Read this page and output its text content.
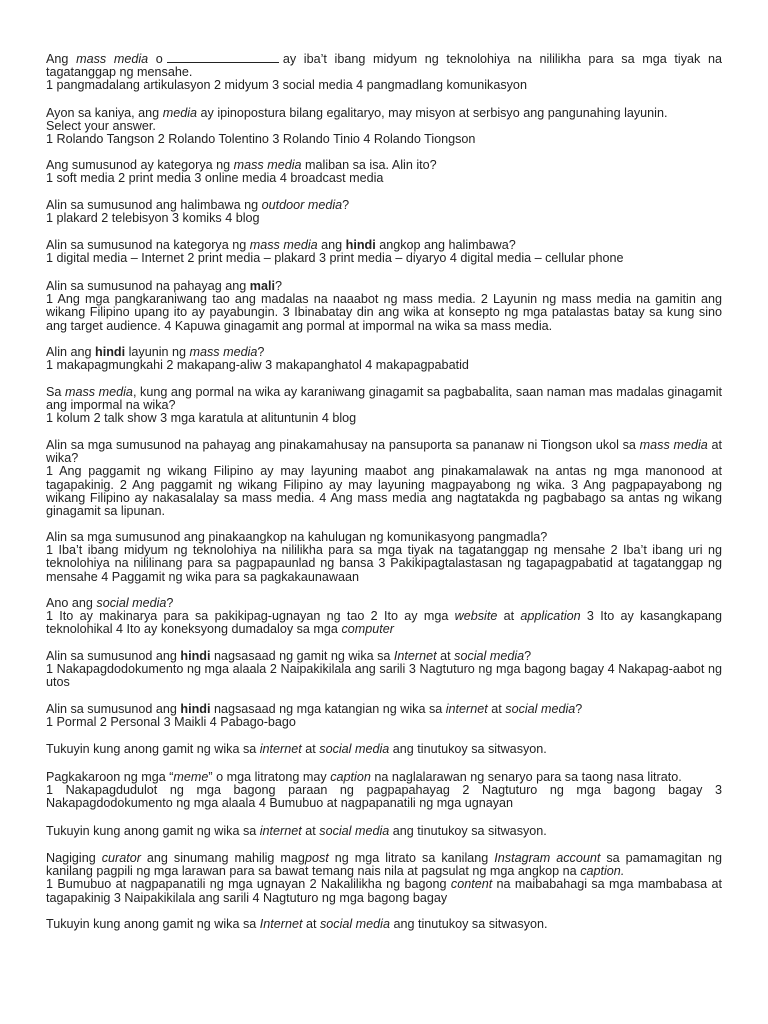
Ang mass media o	ay iba’t ibang midyum ng teknolohiya na nililikha para sa mga tiyak na tagatanggap ng mensahe.
1 pangmadalang artikulasyon 2 midyum 3 social media 4 pangmadlang komunikasyon
Ayon sa kaniya, ang media ay ipinopostura bilang egalitaryo, may misyon at serbisyo ang pangunahing layunin.
Select your answer.
1 Rolando Tangson 2 Rolando Tolentino 3 Rolando Tinio 4 Rolando Tiongson
Ang sumusunod ay kategorya ng mass media maliban sa isa. Alin ito?
1 soft media 2 print media 3 online media 4 broadcast media
Alin sa sumusunod ang halimbawa ng outdoor media?
1 plakard 2 telebisyon 3 komiks 4 blog
Alin sa sumusunod na kategorya ng mass media ang hindi angkop ang halimbawa?
1 digital media – Internet 2 print media – plakard 3 print media – diyaryo 4 digital media – cellular phone
Alin sa sumusunod na pahayag ang mali?
1 Ang mga pangkaraniwang tao ang madalas na naaabot ng mass media. 2 Layunin ng mass media na gamitin ang wikang Filipino upang ito ay payabungin. 3 Ibinabatay din ang wika at konsepto ng mga patalastas batay sa kung sino ang target audience. 4 Kapuwa ginagamit ang pormal at impormal na wika sa mass media.
Alin ang hindi layunin ng mass media?
1 makapagmungkahi 2 makapang-aliw 3 makapanghatol 4 makapagpabatid
Sa mass media, kung ang pormal na wika ay karaniwang ginagamit sa pagbabalita, saan naman mas madalas ginagamit ang impormal na wika?
1 kolum 2 talk show 3 mga karatula at alituntunin 4 blog
Alin sa mga sumusunod na pahayag ang pinakamahusay na pansuporta sa pananaw ni Tiongson ukol sa mass media at wika?
1 Ang paggamit ng wikang Filipino ay may layuning maabot ang pinakamalawak na antas ng mga manonood at tagapakinig. 2 Ang paggamit ng wikang Filipino ay may layuning magpayabong ng wika. 3 Ang pagpapayabong ng wikang Filipino ay nakasalalay sa mass media. 4 Ang mass media ang nagtatakda ng pagbabago sa antas ng wikang ginagamit sa lipunan.
Alin sa mga sumusunod ang pinakaangkop na kahulugan ng komunikasyong pangmadla?
1 Iba’t ibang midyum ng teknolohiya na nililikha para sa mga tiyak na tagatanggap ng mensahe 2 Iba’t ibang uri ng teknolohiya na nililinang para sa pagpapaunlad ng bansa 3 Pakikipagtalastasan ng tagapagpabatid at tagatanggap ng mensahe 4 Paggamit ng wika para sa pagkakaunawaan
Ano ang social media?
1 Ito ay makinarya para sa pakikipag-ugnayan ng tao 2 Ito ay mga website at application 3 Ito ay kasangkapang teknolohikal 4 Ito ay koneksyong dumadaloy sa mga computer
Alin sa sumusunod ang hindi nagsasaad ng gamit ng wika sa Internet at social media?
1 Nakapagdodokumento ng mga alaala 2 Naipakikilala ang sarili 3 Nagtuturo ng mga bagong bagay 4 Nakapag-aabot ng utos
Alin sa sumusunod ang hindi nagsasaad ng mga katangian ng wika sa internet at social media?
1 Pormal 2 Personal 3 Maikli 4 Pabago-bago
Tukuyin kung anong gamit ng wika sa internet at social media ang tinutukoy sa sitwasyon.
Pagkakaroon ng mga “meme” o mga litratong may caption na naglalarawan ng senaryo para sa taong nasa litrato.
1 Nakapagdudulot ng mga bagong paraan ng pagpapahayag 2 Nagtuturo ng mga bagong bagay 3 Nakapagdodokumento ng mga alaala 4 Bumubuo at nagpapanatili ng mga ugnayan
Tukuyin kung anong gamit ng wika sa internet at social media ang tinutukoy sa sitwasyon.
Nagiging curator ang sinumang mahilig magpost ng mga litrato sa kanilang Instagram account sa pamamagitan ng kanilang pagpili ng mga larawan para sa bawat temang nais nila at pagsulat ng mga angkop na caption.
1 Bumubuo at nagpapanatili ng mga ugnayan 2 Nakalilikha ng bagong content na maibabahagi sa mga mambabasa at tagapakinig 3 Naipakikilala ang sarili 4 Nagtuturo ng mga bagong bagay
Tukuyin kung anong gamit ng wika sa Internet at social media ang tinutukoy sa sitwasyon.
